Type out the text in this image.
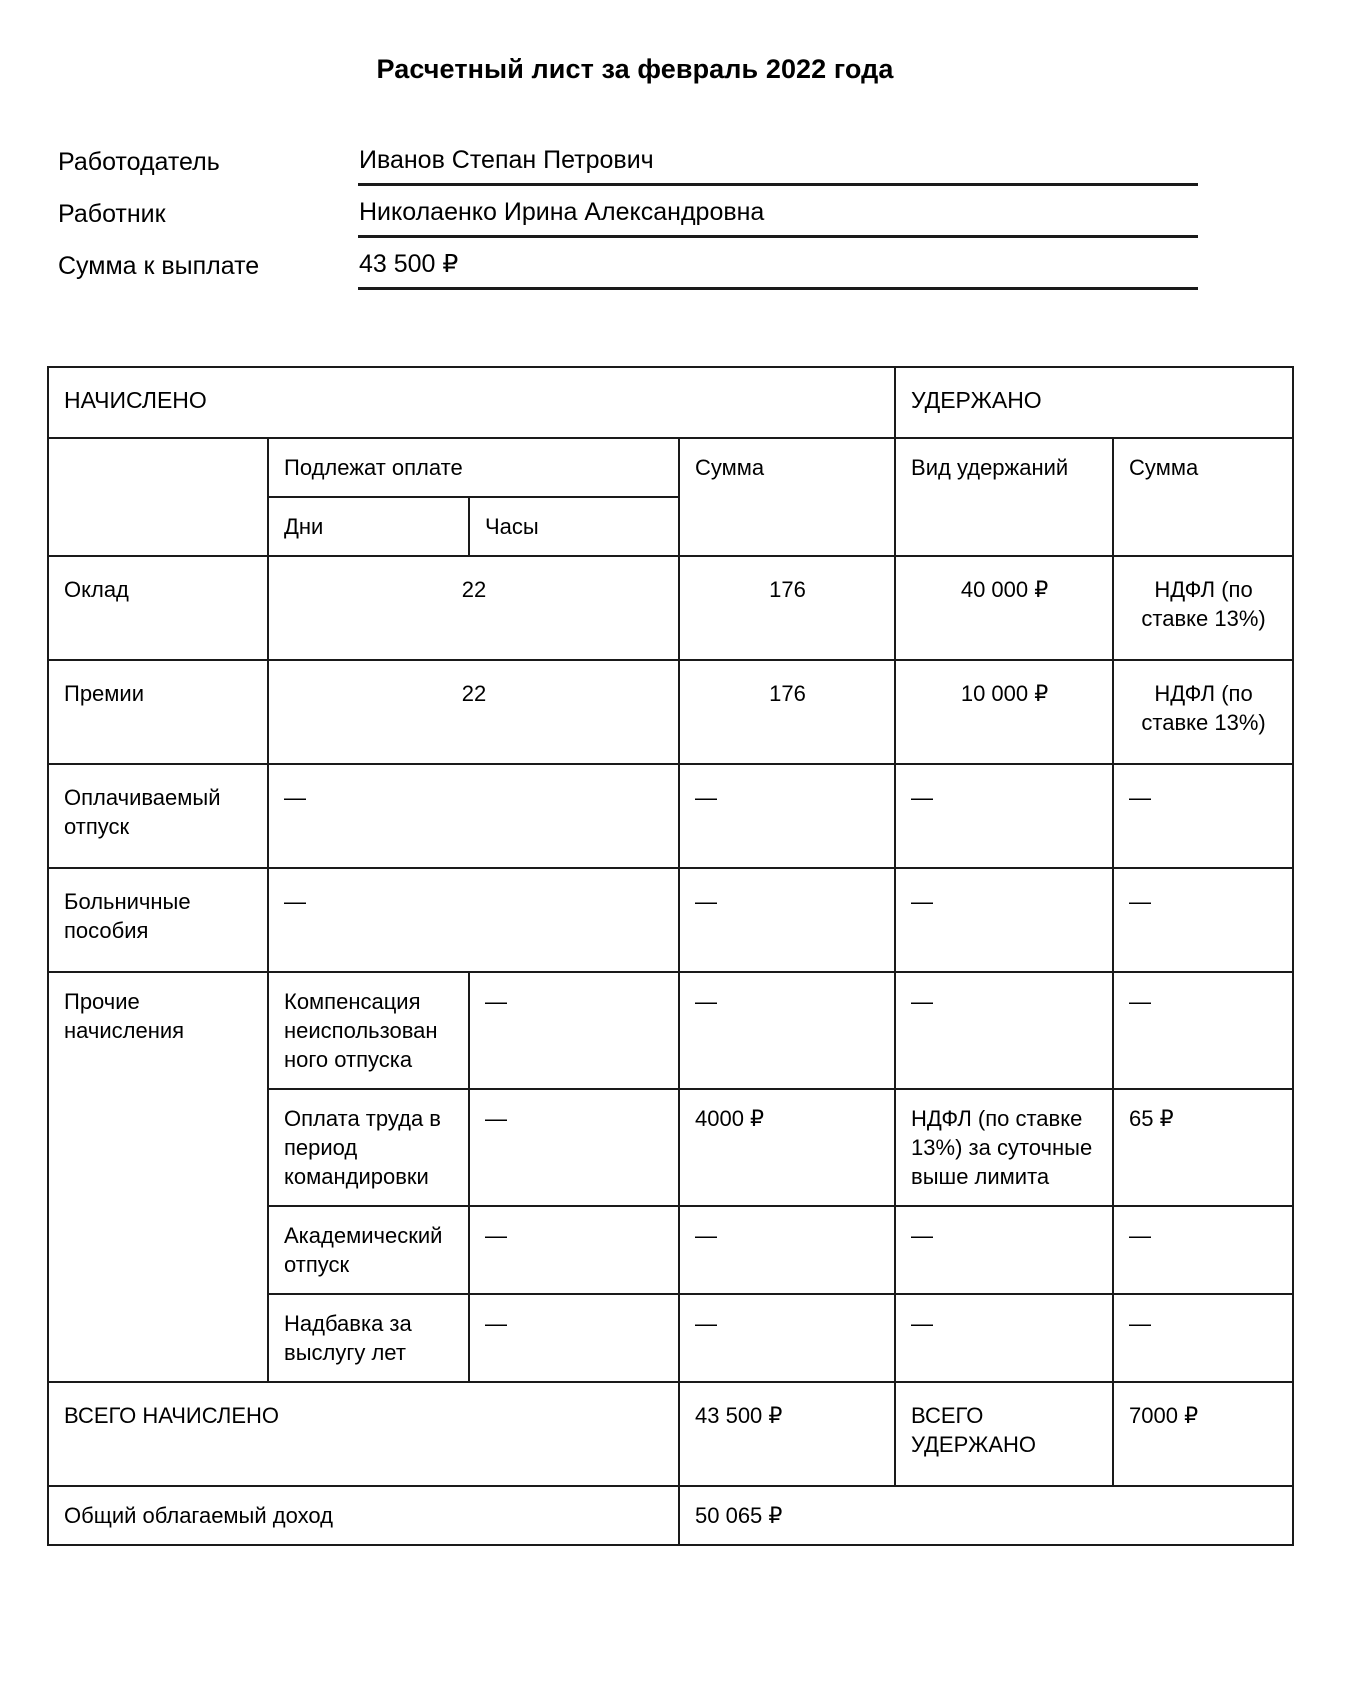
Расчетный лист за февраль 2022 года
Работодатель	Иванов Степан Петрович
Работник	Николаенко Ирина Александровна
Сумма к выплате	43 500 ₽
НАЧИСЛЕНО				УДЕРЖАНО	
	Подлежат оплате		Сумма	Вид удержаний	Сумма
	Дни	Часы			
Оклад	22		176	40 000 ₽	НДФЛ (по ставке 13%)
Премии	22		176	10 000 ₽	НДФЛ (по ставке 13%)
Оплачиваемый отпуск	—		—	—	—
Больничные пособия	—		—	—	—
Прочие начисления	Компенсация неиспользован ного отпуска	—	—	—	—
	Оплата труда в период командировки	—	4000 ₽	НДФЛ (по ставке 13%) за суточные выше лимита	65 ₽
	Академический отпуск	—	—	—	—
	Надбавка за выслугу лет	—	—	—	—
ВСЕГО НАЧИСЛЕНО			43 500 ₽	ВСЕГО УДЕРЖАНО	7000 ₽
Общий облагаемый доход			50 065 ₽		
